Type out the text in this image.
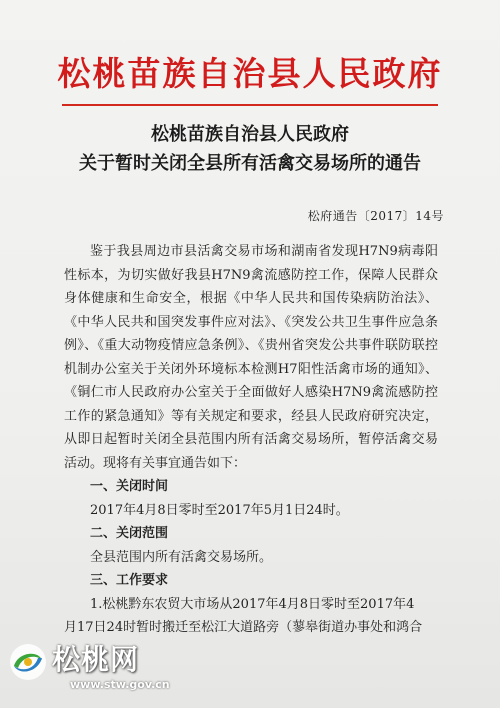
松桃苗族自治县人民政府
松桃苗族自治县人民政府
关于暂时关闭全县所有活禽交易场所的通告
松府通告〔2017〕14号

鉴于我县周边市县活禽交易市场和湖南省发现H7N9病毒阳性标本，为切实做好我县H7N9禽流感防控工作，保障人民群众身体健康和生命安全，根据《中华人民共和国传染病防治法》、《中华人民共和国突发事件应对法》、《突发公共卫生事件应急条例》、《重大动物疫情应急条例》、《贵州省突发公共事件联防联控机制办公室关于关闭外环境标本检测H7阳性活禽市场的通知》、《铜仁市人民政府办公室关于全面做好人感染H7N9禽流感防控工作的紧急通知》等有关规定和要求，经县人民政府研究决定，从即日起暂时关闭全县范围内所有活禽交易场所，暂停活禽交易活动。现将有关事宜通告如下：

一、关闭时间

2017年4月8日零时至2017年5月1日24时。

二、关闭范围

全县范围内所有活禽交易场所。

三、工作要求

1.松桃黔东农贸大市场从2017年4月8日零时至2017年4

月17日24时暂时搬迁至松江大道路旁（蓼皋街道办事处和鸿合

松桃网
www.stw.gov.cn
